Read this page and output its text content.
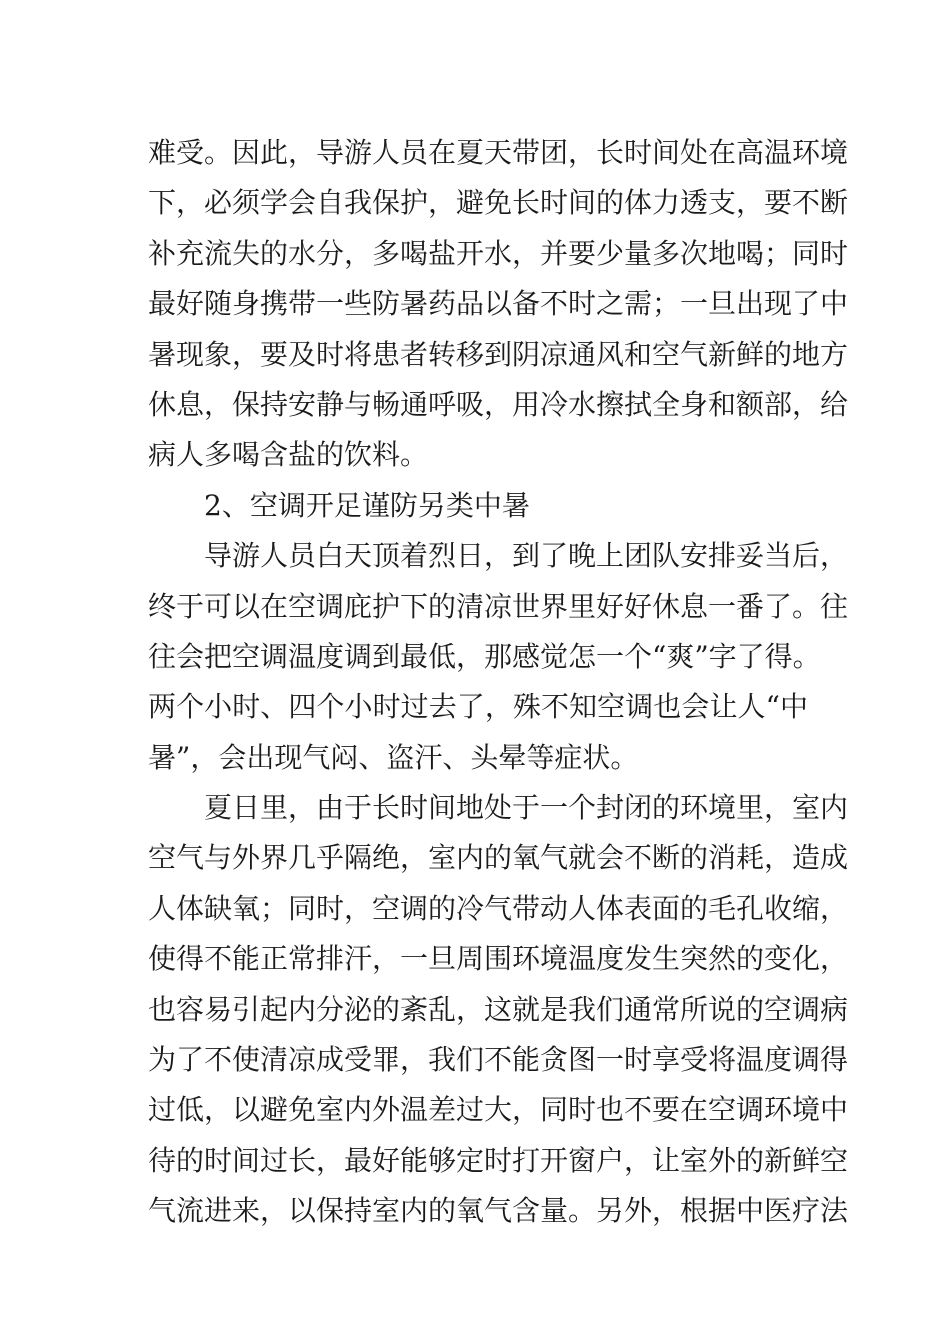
难受。因此，导游人员在夏天带团，长时间处在高温环境
下，必须学会自我保护，避免长时间的体力透支，要不断
补充流失的水分，多喝盐开水，并要少量多次地喝；同时
最好随身携带一些防暑药品以备不时之需；一旦出现了中
暑现象，要及时将患者转移到阴凉通风和空气新鲜的地方
休息，保持安静与畅通呼吸，用冷水擦拭全身和额部，给
病人多喝含盐的饮料。
2、空调开足谨防另类中暑
导游人员白天顶着烈日，到了晚上团队安排妥当后，
终于可以在空调庇护下的清凉世界里好好休息一番了。往
往会把空调温度调到最低，那感觉怎一个“爽”字了得。
两个小时、四个小时过去了，殊不知空调也会让人“中
暑”，会出现气闷、盗汗、头晕等症状。
夏日里，由于长时间地处于一个封闭的环境里，室内
空气与外界几乎隔绝，室内的氧气就会不断的消耗，造成
人体缺氧；同时，空调的冷气带动人体表面的毛孔收缩，
使得不能正常排汗，一旦周围环境温度发生突然的变化，
也容易引起内分泌的紊乱，这就是我们通常所说的空调病
为了不使清凉成受罪，我们不能贪图一时享受将温度调得
过低，以避免室内外温差过大，同时也不要在空调环境中
待的时间过长，最好能够定时打开窗户，让室外的新鲜空
气流进来，以保持室内的氧气含量。另外，根据中医疗法
